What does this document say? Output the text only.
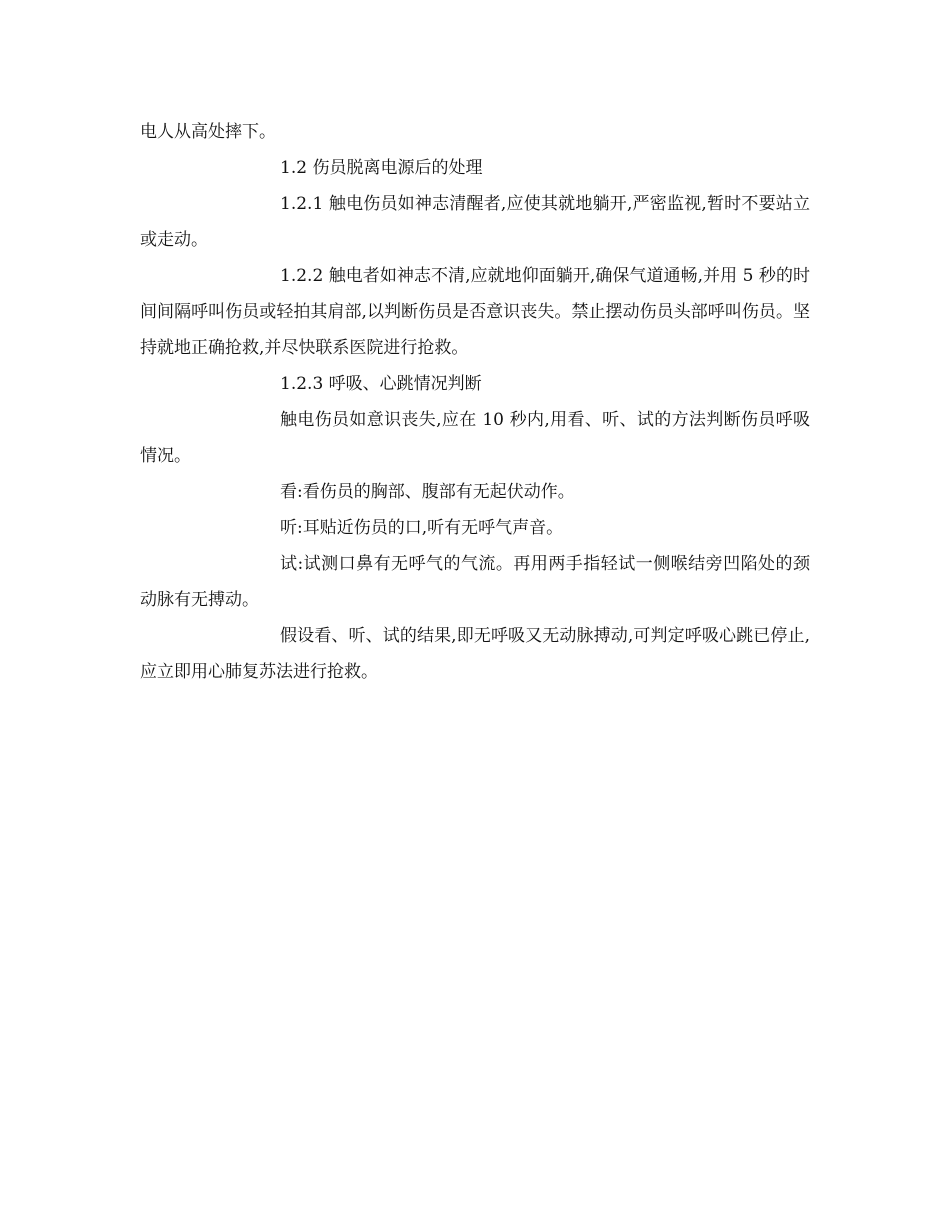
电人从高处摔下。

1.2 伤员脱离电源后的处理

1.2.1 触电伤员如神志清醒者,应使其就地躺开,严密监视,暂时不要站立或走动。

1.2.2 触电者如神志不清,应就地仰面躺开,确保气道通畅,并用 5 秒的时间间隔呼叫伤员或轻拍其肩部,以判断伤员是否意识丧失。禁止摆动伤员头部呼叫伤员。坚持就地正确抢救,并尽快联系医院进行抢救。

1.2.3 呼吸、心跳情况判断

触电伤员如意识丧失,应在 10 秒内,用看、听、试的方法判断伤员呼吸情况。

看:看伤员的胸部、腹部有无起伏动作。

听:耳贴近伤员的口,听有无呼气声音。

试:试测口鼻有无呼气的气流。再用两手指轻试一侧喉结旁凹陷处的颈动脉有无搏动。

假设看、听、试的结果,即无呼吸又无动脉搏动,可判定呼吸心跳已停止,应立即用心肺复苏法进行抢救。
